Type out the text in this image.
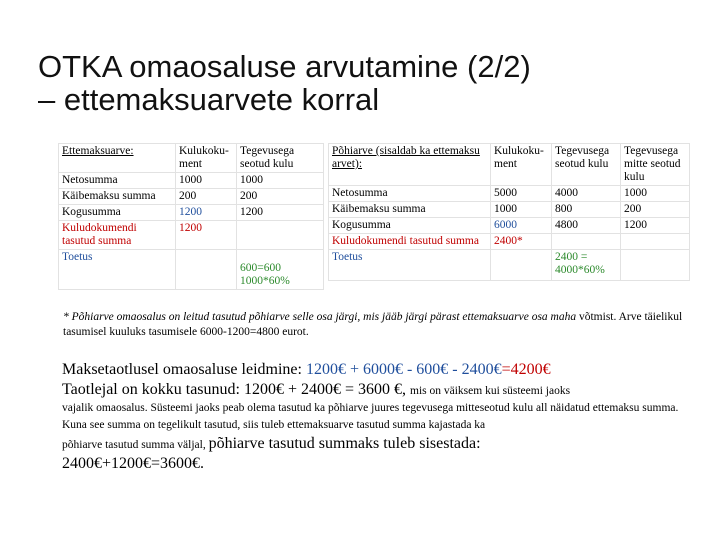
OTKA omaosaluse arvutamine (2/2)
– ettemaksuarvete korral
Ettemaksuarve:	Kulukoku-ment	Tegevusega seotud kulu
Netosumma	1000	1000
Käibemaksu summa	200	200
Kogusumma	1200	1200
Kuludokumendi tasutud summa	1200	
Toetus		600=600 1000*60%
Põhiarve (sisaldab ka ettemaksu arvet):	Kulukoku-ment	Tegevusega seotud kulu	Tegevusega mitte seotud kulu
Netosumma	5000	4000	1000
Käibemaksu summa	1000	800	200
Kogusumma	6000	4800	1200
Kuludokumendi tasutud summa	2400*		
Toetus		2400 = 4000*60%	
* Põhiarve omaosalus on leitud tasutud põhiarve selle osa järgi, mis jääb järgi pärast ettemaksuarve osa maha võtmist. Arve täielikul tasumisel kuuluks tasumisele 6000-1200=4800 eurot.
Maksetaotlusel omaosaluse leidmine: 1200€ + 6000€ - 600€ - 2400€=4200€
Taotlejal on kokku tasunud: 1200€ + 2400€ = 3600 €, mis on väiksem kui süsteemi jaoks
vajalik omaosalus. Süsteemi jaoks peab olema tasutud ka põhiarve juures tegevusega mitteseotud kulu all näidatud ettemaksu summa. Kuna see summa on tegelikult tasutud, siis tuleb ettemaksuarve tasutud summa kajastada ka
põhiarve tasutud summa väljal, põhiarve tasutud summaks tuleb sisestada:
2400€+1200€=3600€.
